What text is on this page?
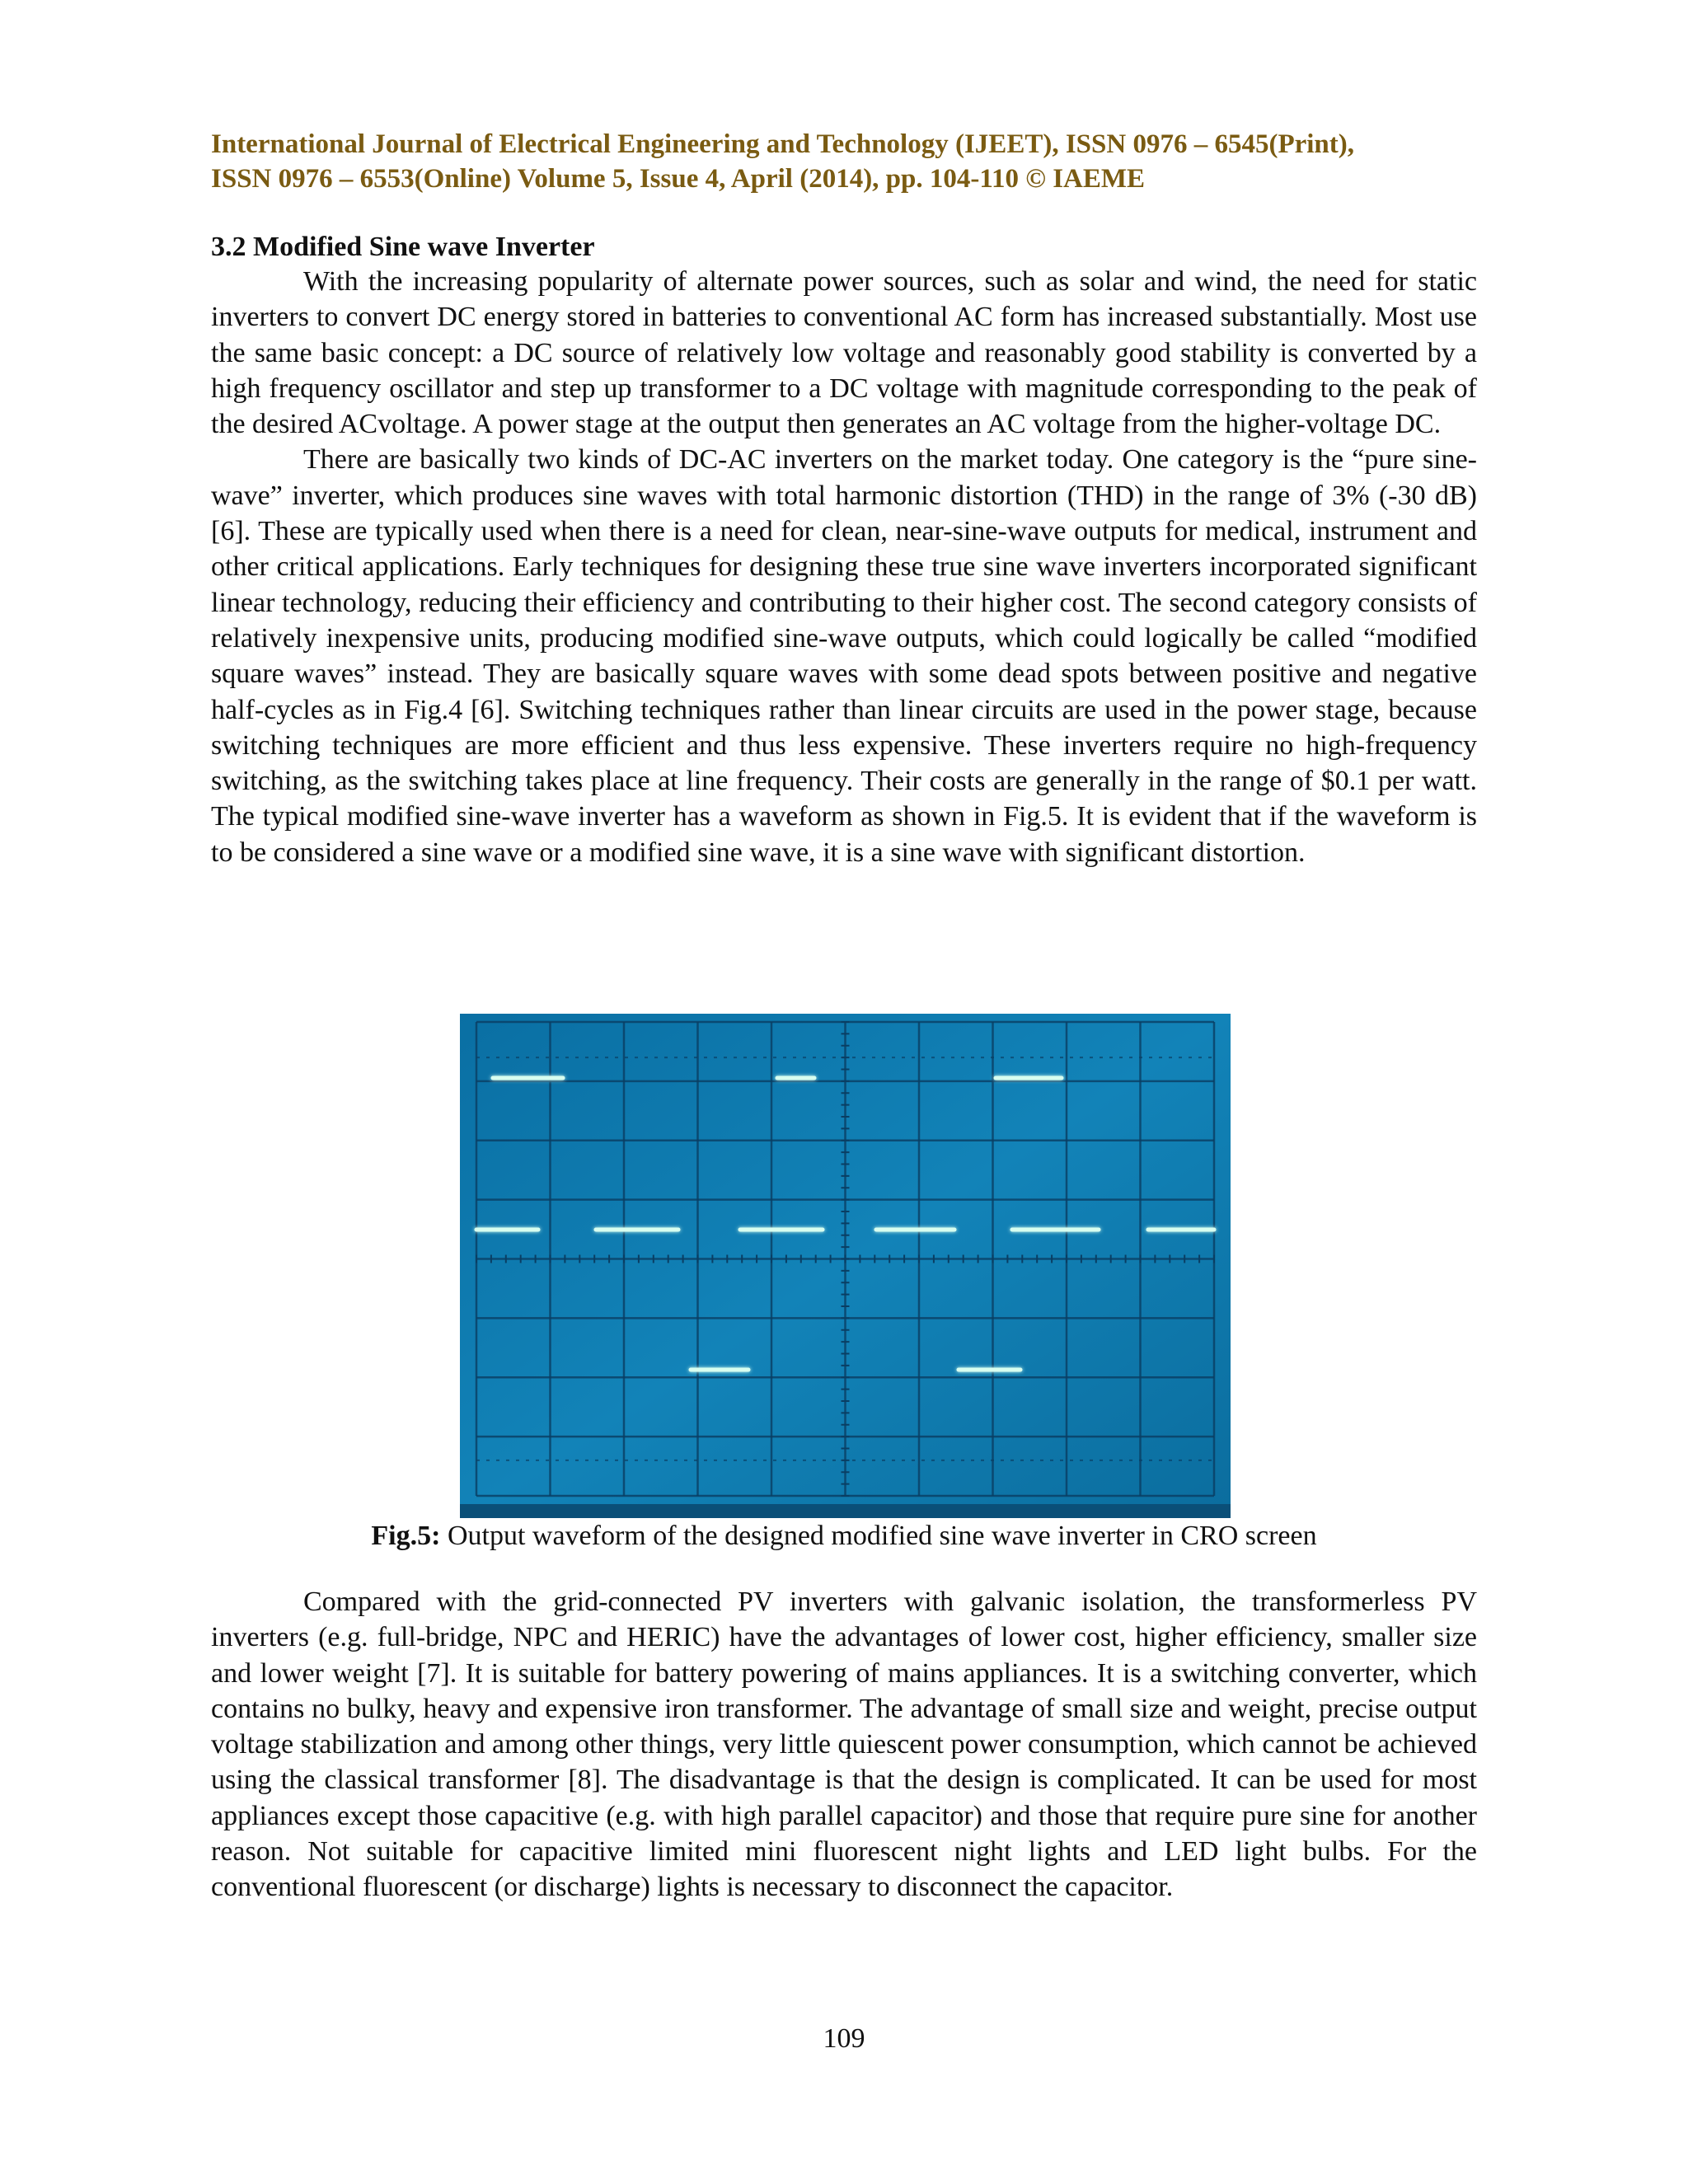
International Journal of Electrical Engineering and Technology (IJEET), ISSN 0976 – 6545(Print),
ISSN 0976 – 6553(Online) Volume 5, Issue 4, April (2014), pp. 104-110 © IAEME
3.2 Modified Sine wave Inverter

With the increasing popularity of alternate power sources, such as solar and wind, the need for static inverters to convert DC energy stored in batteries to conventional AC form has increased substantially. Most use the same basic concept: a DC source of relatively low voltage and reasonably good stability is converted by a high frequency oscillator and step up transformer to a DC voltage with magnitude corresponding to the peak of the desired ACvoltage. A power stage at the output then generates an AC voltage from the higher-voltage DC.

There are basically two kinds of DC-AC inverters on the market today. One category is the “pure sine-wave” inverter, which produces sine waves with total harmonic distortion (THD) in the range of 3% (-30 dB) [6]. These are typically used when there is a need for clean, near-sine-wave outputs for medical, instrument and other critical applications. Early techniques for designing these true sine wave inverters incorporated significant linear technology, reducing their efficiency and contributing to their higher cost. The second category consists of relatively inexpensive units, producing modified sine-wave outputs, which could logically be called “modified square waves” instead. They are basically square waves with some dead spots between positive and negative half-cycles as in Fig.4 [6]. Switching techniques rather than linear circuits are used in the power stage, because switching techniques are more efficient and thus less expensive. These inverters require no high-frequency switching, as the switching takes place at line frequency. Their costs are generally in the range of $0.1 per watt. The typical modified sine-wave inverter has a waveform as shown in Fig.5. It is evident that if the waveform is to be considered a sine wave or a modified sine wave, it is a sine wave with significant distortion.

Fig.5: Output waveform of the designed modified sine wave inverter in CRO screen

Compared with the grid-connected PV inverters with galvanic isolation, the transformerless PV inverters (e.g. full-bridge, NPC and HERIC) have the advantages of lower cost, higher efficiency, smaller size and lower weight [7]. It is suitable for battery powering of mains appliances. It is a switching converter, which contains no bulky, heavy and expensive iron transformer. The advantage of small size and weight, precise output voltage stabilization and among other things, very little quiescent power consumption, which cannot be achieved using the classical transformer [8]. The disadvantage is that the design is complicated. It can be used for most appliances except those capacitive (e.g. with high parallel capacitor) and those that require pure sine for another reason. Not suitable for capacitive limited mini fluorescent night lights and LED light bulbs. For the conventional fluorescent (or discharge) lights is necessary to disconnect the capacitor.

109
